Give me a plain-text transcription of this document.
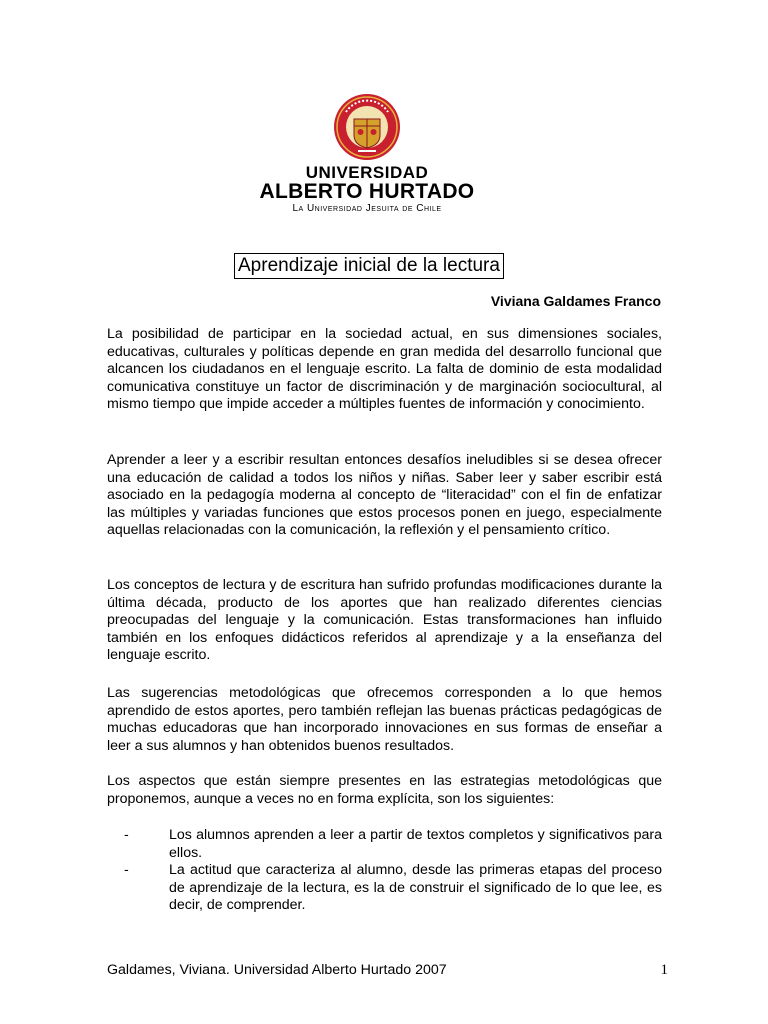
UNIVERSIDAD
ALBERTO HURTADO
La Universidad Jesuita de Chile
Aprendizaje inicial de la lectura
Viviana Galdames Franco

La posibilidad de participar en la sociedad actual, en sus dimensiones sociales, educativas, culturales y políticas depende en gran medida del desarrollo funcional que alcancen los ciudadanos en el lenguaje escrito. La falta de dominio de esta modalidad comunicativa constituye un factor de discriminación y de marginación sociocultural, al mismo tiempo que impide acceder a múltiples fuentes de información y conocimiento.

Aprender a leer y a escribir resultan entonces desafíos ineludibles si se desea ofrecer una educación de calidad a todos los niños y niñas. Saber leer y saber escribir está asociado en la pedagogía moderna al concepto de “literacidad” con el fin de enfatizar las múltiples y variadas funciones que estos procesos ponen en juego, especialmente aquellas relacionadas con la comunicación, la reflexión y el pensamiento crítico.

Los conceptos de lectura y de escritura han sufrido profundas modificaciones durante la última década, producto de los aportes que han realizado diferentes ciencias preocupadas del lenguaje y la comunicación. Estas transformaciones han influido también en los enfoques didácticos referidos al aprendizaje y a la enseñanza del lenguaje escrito.

Las sugerencias metodológicas que ofrecemos corresponden a lo que hemos aprendido de estos aportes, pero también reflejan las buenas prácticas pedagógicas de muchas educadoras que han incorporado innovaciones en sus formas de enseñar a leer a sus alumnos y han obtenidos buenos resultados.

Los aspectos que están siempre presentes en las estrategias metodológicas que proponemos, aunque a veces no en forma explícita, son los siguientes:

-	Los alumnos aprenden a leer a partir de textos completos y significativos para ellos.
-	La actitud que caracteriza al alumno, desde las primeras etapas del proceso de aprendizaje de la lectura, es la de construir el significado de lo que lee, es decir, de comprender.
Galdames, Viviana. Universidad Alberto Hurtado 2007	1
